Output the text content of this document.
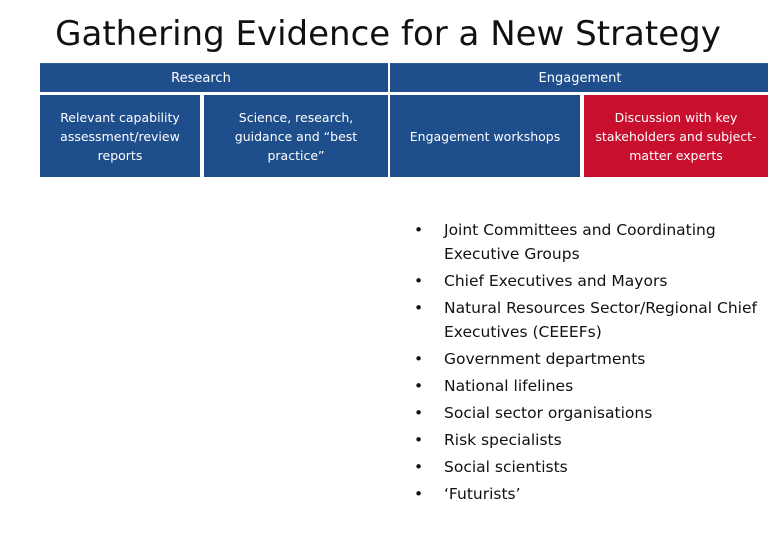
Gathering Evidence for a New Strategy
Research	Engagement
Relevant capability assessment/review reports
Science, research, guidance and “best practice”
Engagement workshops
Discussion with key stakeholders and subject-matter experts
•	Joint Committees and Coordinating Executive Groups
•	Chief Executives and Mayors
•	Natural Resources Sector/Regional Chief Executives (CEEEFs)
•	Government departments
•	National lifelines
•	Social sector organisations
•	Risk specialists
•	Social scientists
•	‘Futurists’
